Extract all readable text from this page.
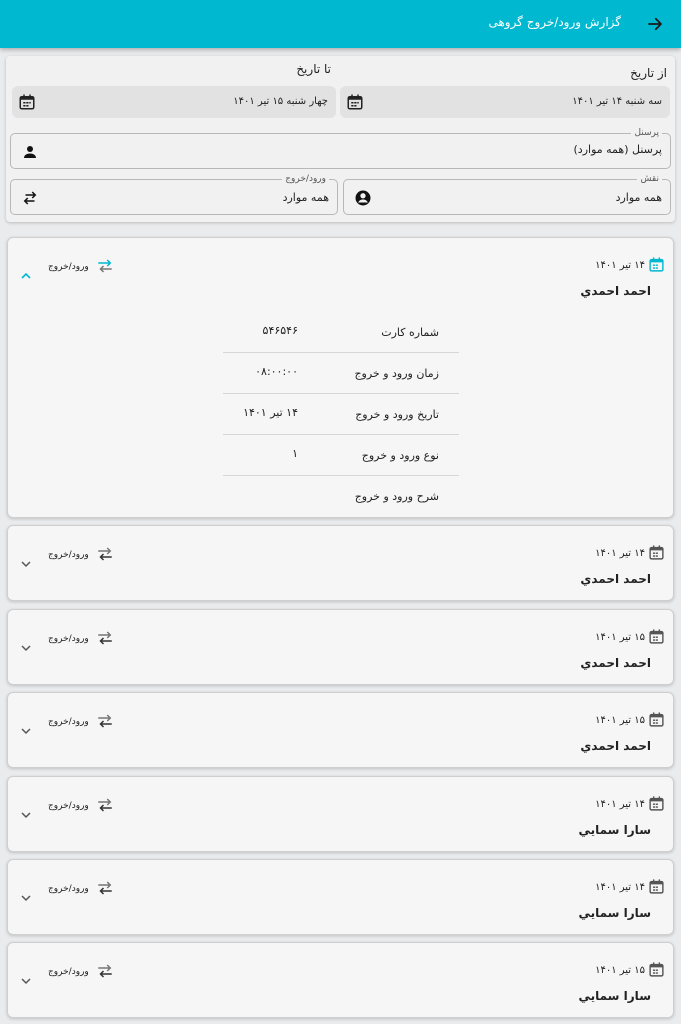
گزارش ورود/خروج گروهی
از تاریخ
تا تاریخ
سه شنبه ۱۴ تیر ۱۴۰۱
چهار شنبه ۱۵ تیر ۱۴۰۱
پرسنل
پرسنل (همه موارد)
نقش
همه موارد
ورود/خروج
همه موارد
۱۴ تیر ۱۴۰۱
احمد احمدي
ورود/خروج
شماره کارت
۵۴۶۵۴۶
زمان ورود و خروج
۰۸:۰۰:۰۰
تاریخ ورود و خروج
۱۴ تیر ۱۴۰۱
نوع ورود و خروج
۱
شرح ورود و خروج
۱۴ تیر ۱۴۰۱
احمد احمدي
ورود/خروج
۱۵ تیر ۱۴۰۱
احمد احمدي
ورود/خروج
۱۵ تیر ۱۴۰۱
احمد احمدي
ورود/خروج
۱۴ تیر ۱۴۰۱
سارا سمايي
ورود/خروج
۱۴ تیر ۱۴۰۱
سارا سمايي
ورود/خروج
۱۵ تیر ۱۴۰۱
سارا سمايي
ورود/خروج
